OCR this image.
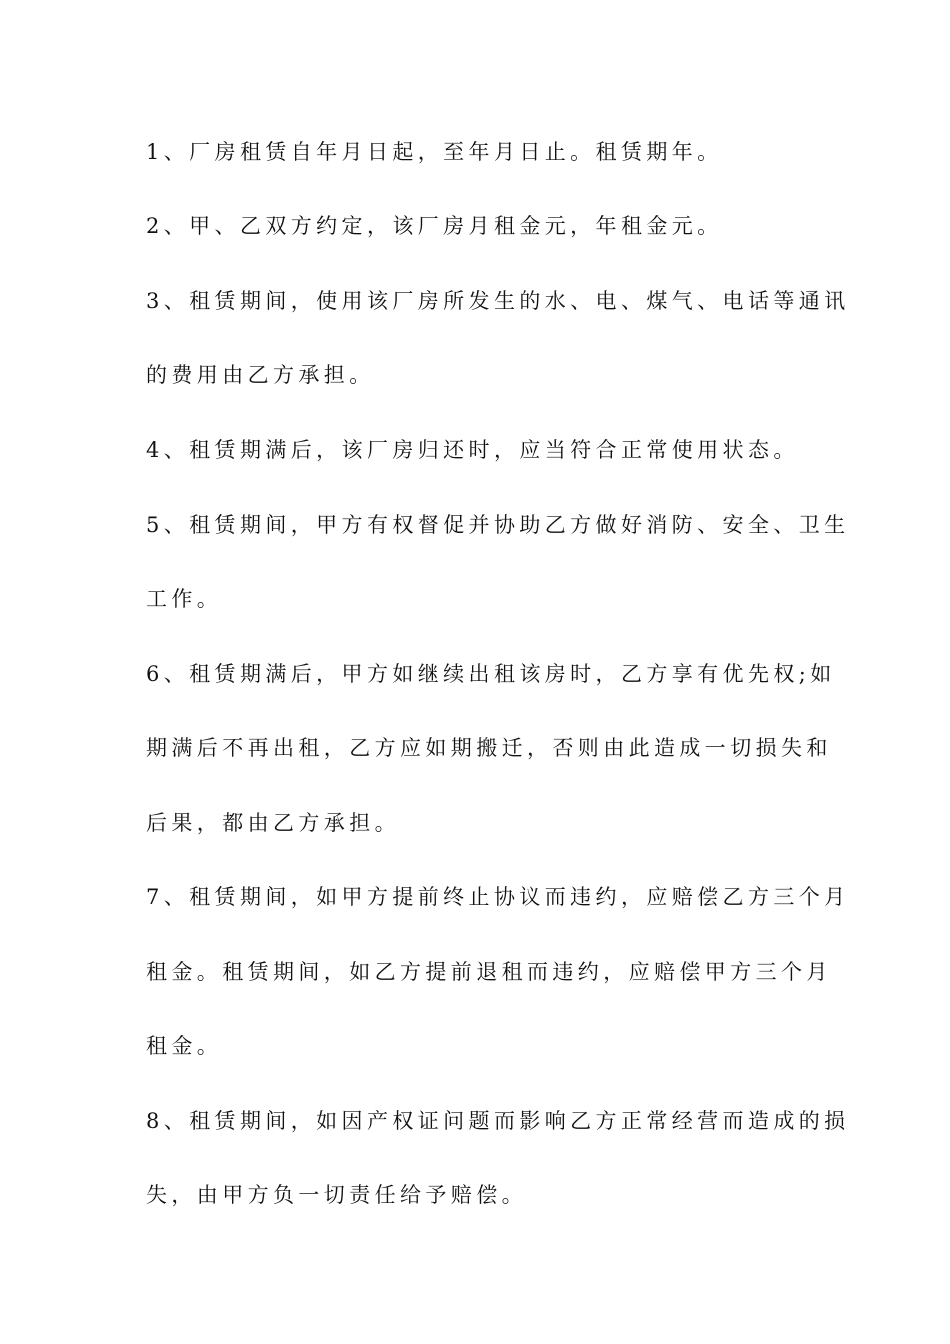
1、厂房租赁自年月日起，至年月日止。租赁期年。
2、甲、乙双方约定，该厂房月租金元，年租金元。
3、租赁期间，使用该厂房所发生的水、电、煤气、电话等通讯
的费用由乙方承担。
4、租赁期满后，该厂房归还时，应当符合正常使用状态。
5、租赁期间，甲方有权督促并协助乙方做好消防、安全、卫生
工作。
6、租赁期满后，甲方如继续出租该房时，乙方享有优先权;如
期满后不再出租，乙方应如期搬迁，否则由此造成一切损失和
后果，都由乙方承担。
7、租赁期间，如甲方提前终止协议而违约，应赔偿乙方三个月
租金。租赁期间，如乙方提前退租而违约，应赔偿甲方三个月
租金。
8、租赁期间，如因产权证问题而影响乙方正常经营而造成的损
失，由甲方负一切责任给予赔偿。
